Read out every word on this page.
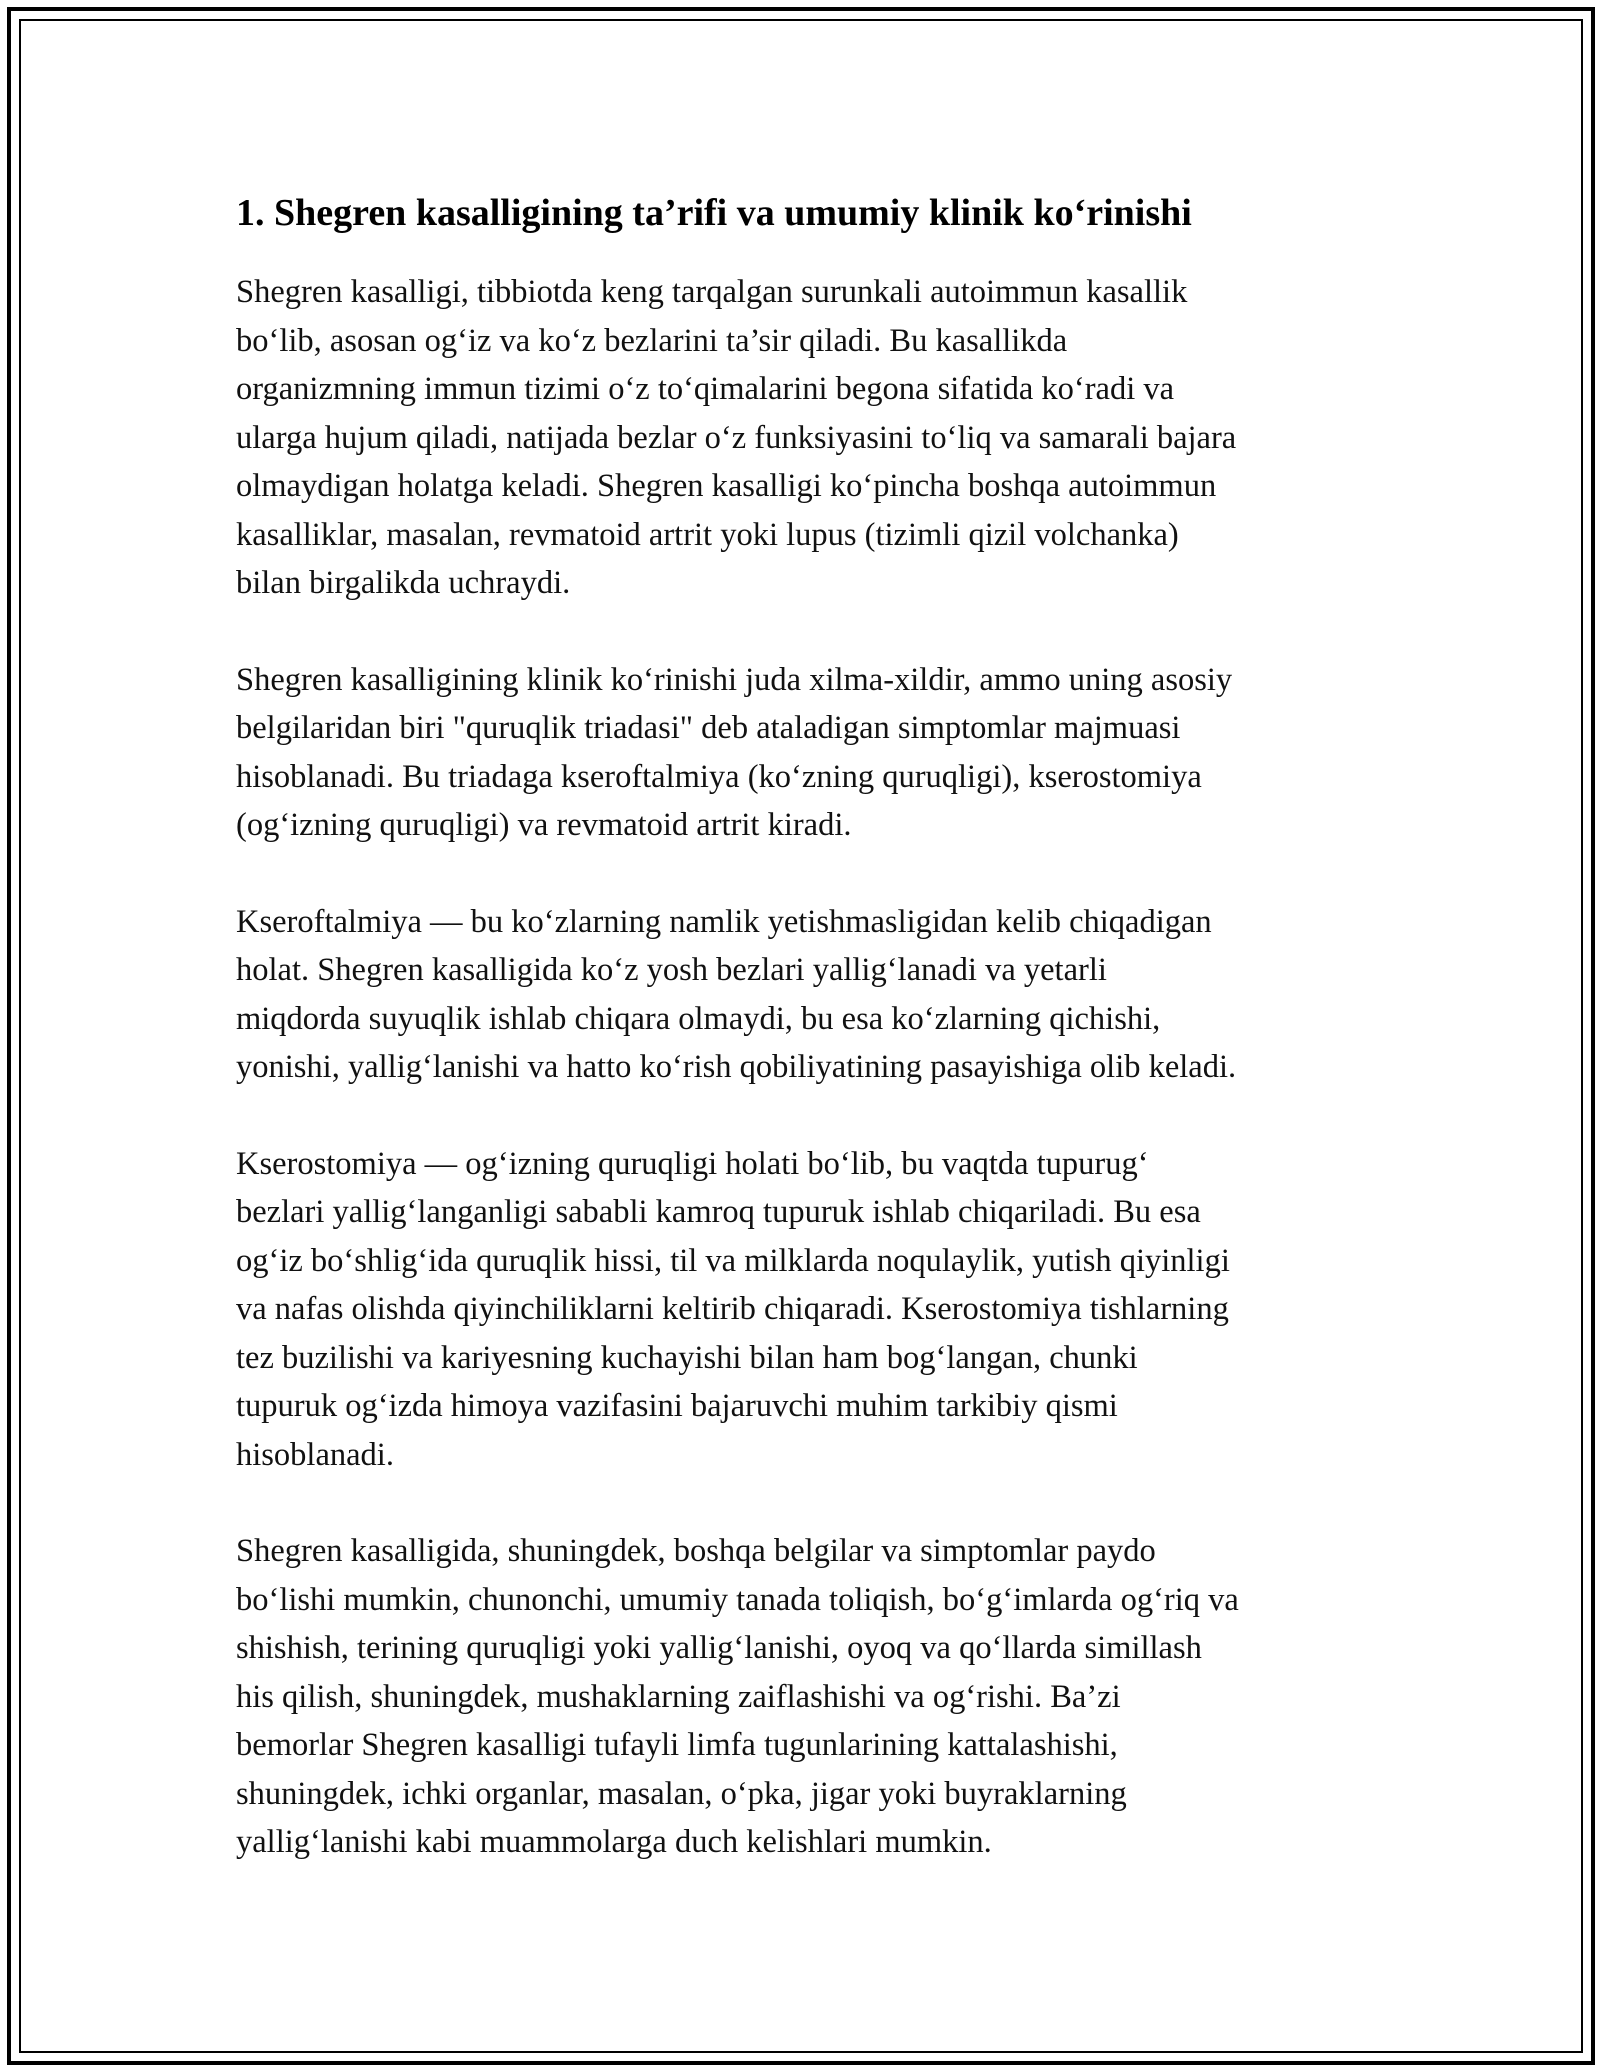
1. Shegren kasalligining ta’rifi va umumiy klinik ko‘rinishi

Shegren kasalligi, tibbiotda keng tarqalgan surunkali autoimmun kasallik
bo‘lib, asosan og‘iz va ko‘z bezlarini ta’sir qiladi. Bu kasallikda
organizmning immun tizimi o‘z to‘qimalarini begona sifatida ko‘radi va
ularga hujum qiladi, natijada bezlar o‘z funksiyasini to‘liq va samarali bajara
olmaydigan holatga keladi. Shegren kasalligi ko‘pincha boshqa autoimmun
kasalliklar, masalan, revmatoid artrit yoki lupus (tizimli qizil volchanka)
bilan birgalikda uchraydi.

Shegren kasalligining klinik ko‘rinishi juda xilma-xildir, ammo uning asosiy
belgilaridan biri "quruqlik triadasi" deb ataladigan simptomlar majmuasi
hisoblanadi. Bu triadaga kseroftalmiya (ko‘zning quruqligi), kserostomiya
(og‘izning quruqligi) va revmatoid artrit kiradi.

Kseroftalmiya — bu ko‘zlarning namlik yetishmasligidan kelib chiqadigan
holat. Shegren kasalligida ko‘z yosh bezlari yallig‘lanadi va yetarli
miqdorda suyuqlik ishlab chiqara olmaydi, bu esa ko‘zlarning qichishi,
yonishi, yallig‘lanishi va hatto ko‘rish qobiliyatining pasayishiga olib keladi.

Kserostomiya — og‘izning quruqligi holati bo‘lib, bu vaqtda tupurug‘
bezlari yallig‘langanligi sababli kamroq tupuruk ishlab chiqariladi. Bu esa
og‘iz bo‘shlig‘ida quruqlik hissi, til va milklarda noqulaylik, yutish qiyinligi
va nafas olishda qiyinchiliklarni keltirib chiqaradi. Kserostomiya tishlarning
tez buzilishi va kariyesning kuchayishi bilan ham bog‘langan, chunki
tupuruk og‘izda himoya vazifasini bajaruvchi muhim tarkibiy qismi
hisoblanadi.

Shegren kasalligida, shuningdek, boshqa belgilar va simptomlar paydo
bo‘lishi mumkin, chunonchi, umumiy tanada toliqish, bo‘g‘imlarda og‘riq va
shishish, terining quruqligi yoki yallig‘lanishi, oyoq va qo‘llarda simillash
his qilish, shuningdek, mushaklarning zaiflashishi va og‘rishi. Ba’zi
bemorlar Shegren kasalligi tufayli limfa tugunlarining kattalashishi,
shuningdek, ichki organlar, masalan, o‘pka, jigar yoki buyraklarning
yallig‘lanishi kabi muammolarga duch kelishlari mumkin.
